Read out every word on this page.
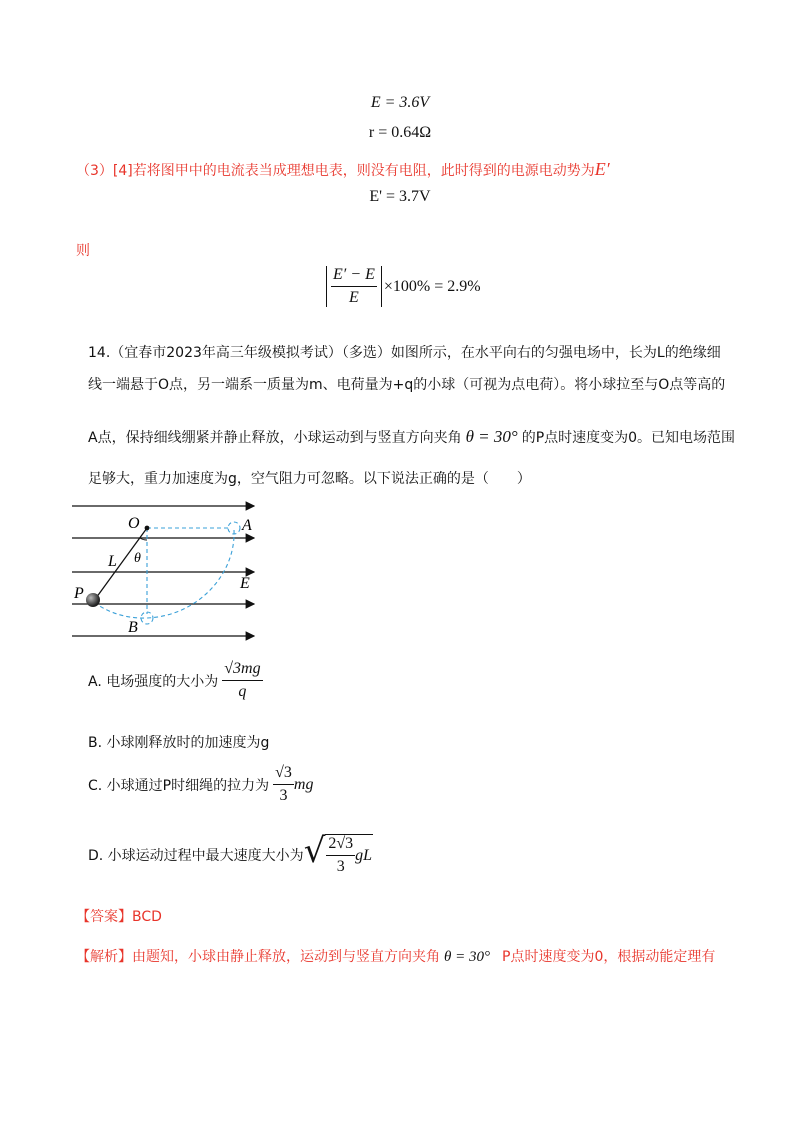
E = 3.6V
r = 0.64Ω
（3）[4]若将图甲中的电流表当成理想电表，则没有电阻，此时得到的电源电动势为E′
E' = 3.7V
则
$\frac{E' - E}{E} \times 100\% = 2.9\%$
14.（宜春市2023年高三年级模拟考试）（多选）如图所示，在水平向右的匀强电场中，长为L的绝缘细
线一端悬于O点，另一端系一质量为m、电荷量为+q的小球（可视为点电荷）。将小球拉至与O点等高的
A点，保持细线绷紧并静止释放，小球运动到与竖直方向夹角 θ = 30° 的P点时速度变为0。已知电场范围
足够大，重力加速度为g，空气阻力可忽略。以下说法正确的是（　　）
O	A
L θ
E
P
B
A. 电场强度的大小为 $\frac{√3mg}{q}$
B. 小球刚释放时的加速度为g
C. 小球通过P时细绳的拉力为 $\frac{√3}{3}$ mg
D. 小球运动过程中最大速度大小为 √ $\frac{2√3}{3}$ gL
【答案】BCD
【解析】由题知，小球由静止释放，运动到与竖直方向夹角 θ = 30° P点时速度变为0，根据动能定理有
